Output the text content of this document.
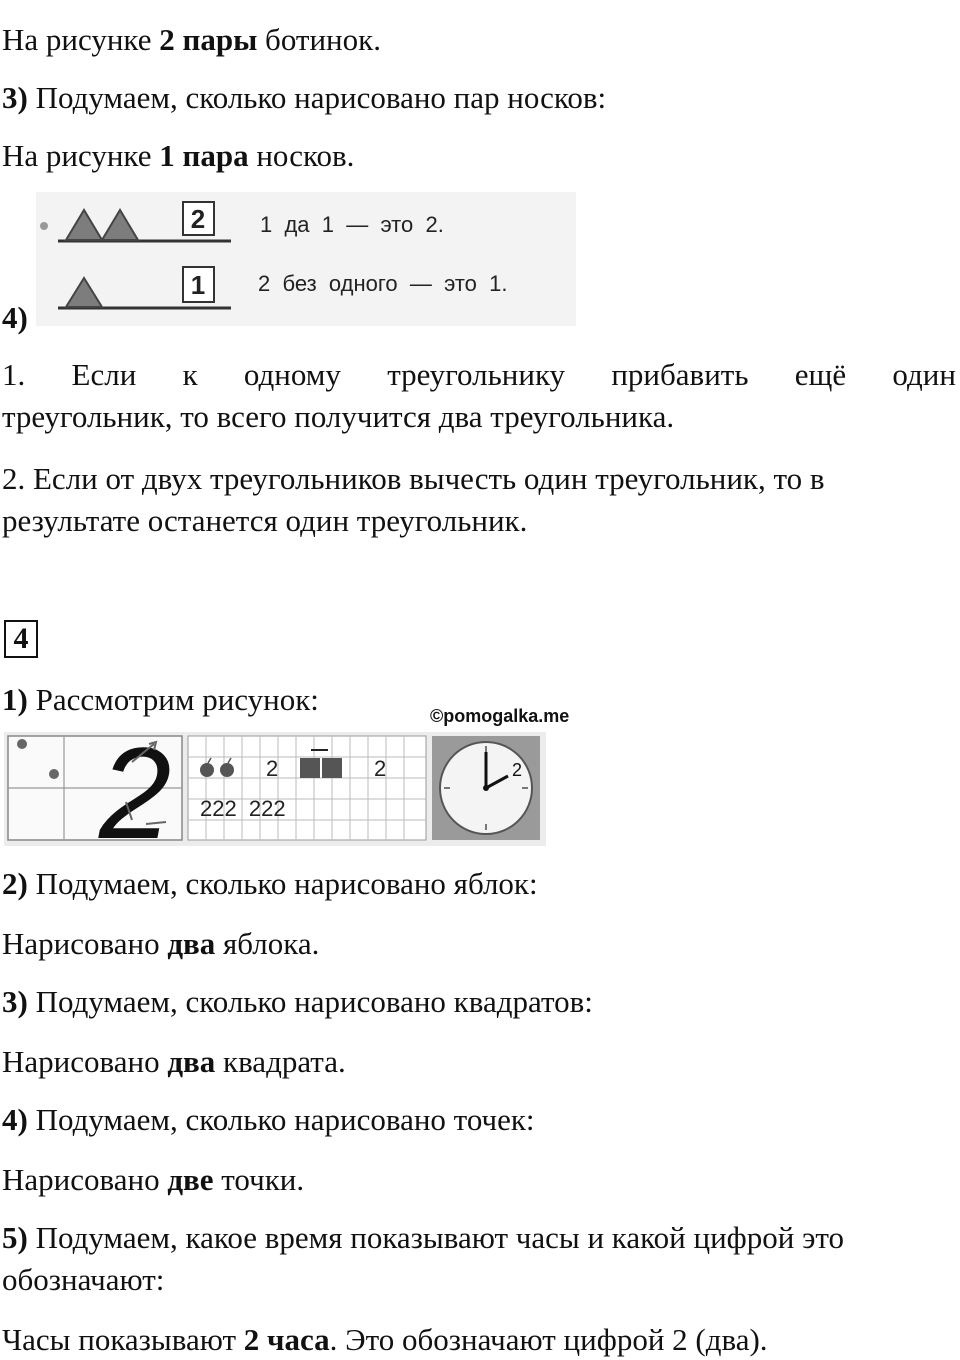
На рисунке 2 пары ботинок.
3) Подумаем, сколько нарисовано пар носков:
На рисунке 1 пара носков.
4)
2 1  да  1  —  это  2.
1 2  без  одного  —  это  1.
1. Если к одному треугольнику прибавить ещё один
треугольник, то всего получится два треугольника.
2. Если от двух треугольников вычесть один треугольник, то в
результате останется один треугольник.
4
1) Рассмотрим рисунок:	©pomogalka.me
2	2	2
222  222
2
2) Подумаем, сколько нарисовано яблок:
Нарисовано два яблока.
3) Подумаем, сколько нарисовано квадратов:
Нарисовано два квадрата.
4) Подумаем, сколько нарисовано точек:
Нарисовано две точки.
5) Подумаем, какое время показывают часы и какой цифрой это
обозначают:
Часы показывают 2 часа. Это обозначают цифрой 2 (два).
